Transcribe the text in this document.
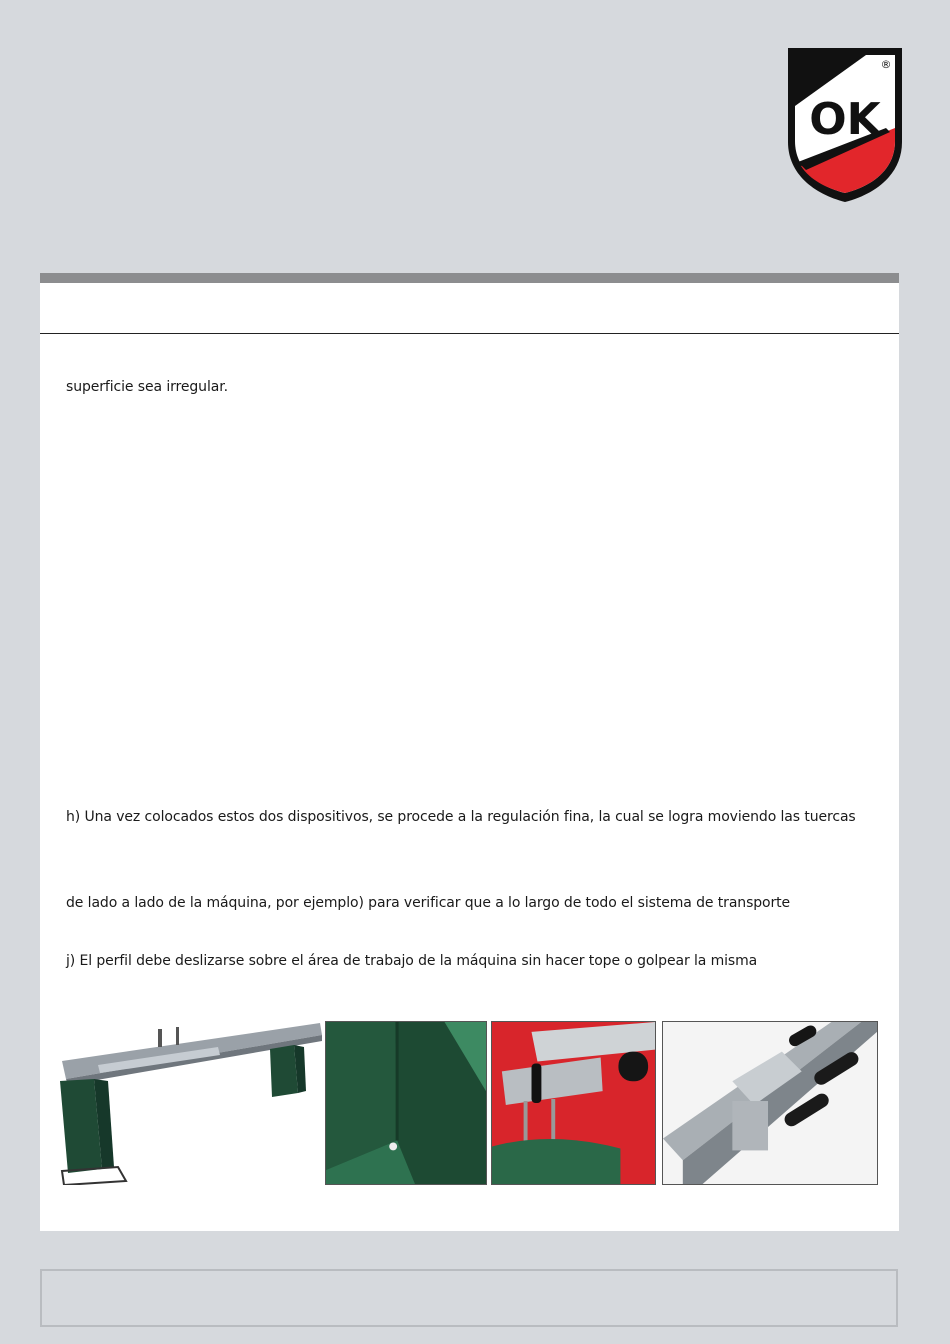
OK
®
superficie sea irregular.
h) Una vez colocados estos dos dispositivos, se procede a la regulación fina, la cual se logra moviendo las tuercas
de lado a lado de la máquina, por ejemplo) para verificar que a lo largo de todo el sistema de transporte
j) El perfil debe deslizarse sobre el área de trabajo de la máquina sin hacer tope o golpear la misma
